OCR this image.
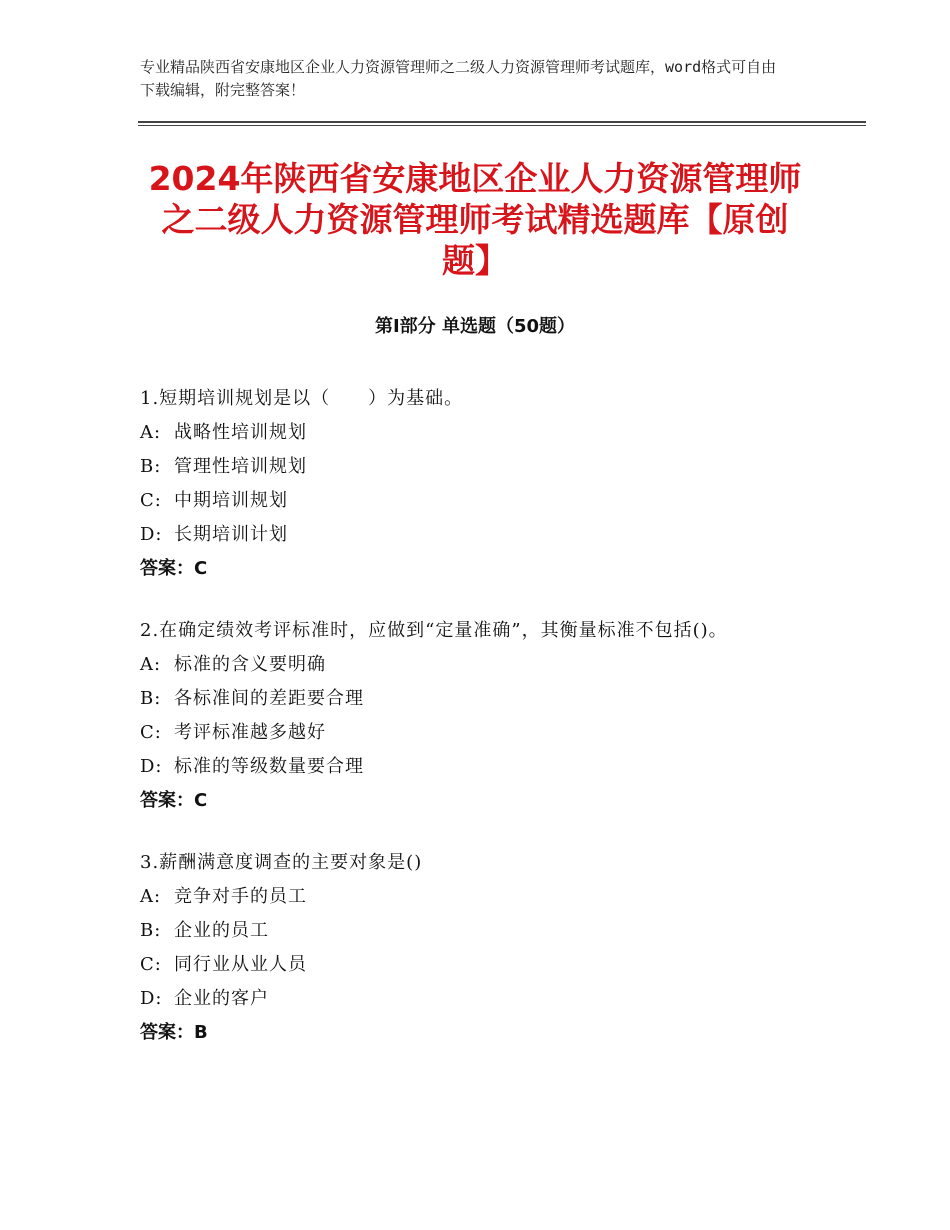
专业精品陕西省安康地区企业人力资源管理师之二级人力资源管理师考试题库，word格式可自由下载编辑，附完整答案！
2024年陕西省安康地区企业人力资源管理师之二级人力资源管理师考试精选题库【原创题】
第Ⅰ部分 单选题（50题）
1.短期培训规划是以（　　）为基础。
A: 战略性培训规划
B: 管理性培训规划
C: 中期培训规划
D: 长期培训计划
答案：C
2.在确定绩效考评标准时，应做到“定量准确”，其衡量标准不包括()。
A: 标准的含义要明确
B: 各标准间的差距要合理
C: 考评标准越多越好
D: 标准的等级数量要合理
答案：C
3.薪酬满意度调查的主要对象是()
A: 竞争对手的员工
B: 企业的员工
C: 同行业从业人员
D: 企业的客户
答案：B
